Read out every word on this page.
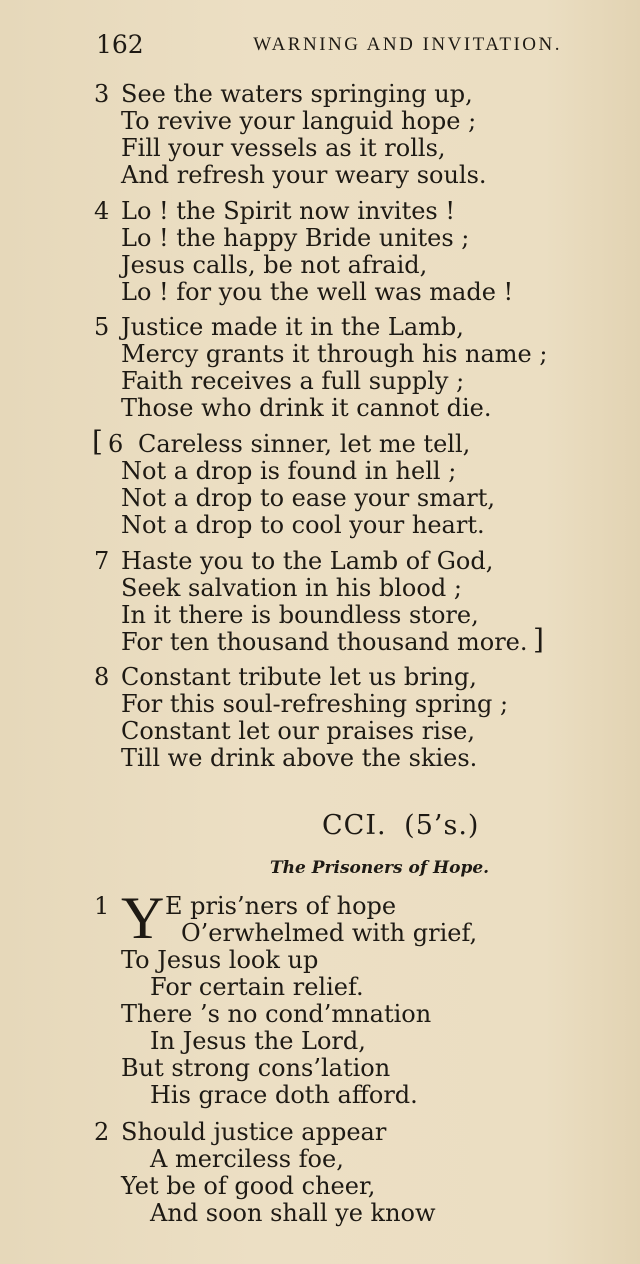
162	WARNING AND INVITATION.
3 See the waters springing up,
To revive your languid hope ;
Fill your vessels as it rolls,
And refresh your weary souls.
4 Lo ! the Spirit now invites !
Lo ! the happy Bride unites ;
Jesus calls, be not afraid,
Lo ! for you the well was made !
5 Justice made it in the Lamb,
Mercy grants it through his name ;
Faith receives a full supply ;
Those who drink it cannot die.
[ 6 Careless sinner, let me tell,
Not a drop is found in hell ;
Not a drop to ease your smart,
Not a drop to cool your heart.
7 Haste you to the Lamb of God,
Seek salvation in his blood ;
In it there is boundless store,
For ten thousand thousand more. ]
8 Constant tribute let us bring,
For this soul-refreshing spring ;
Constant let our praises rise,
Till we drink above the skies.
CCI. (5’s.)
The Prisoners of Hope.
1 Y E pris’ners of hope
O’erwhelmed with grief,
To Jesus look up
For certain relief.
There ’s no cond’mnation
In Jesus the Lord,
But strong cons’lation
His grace doth afford.
2 Should justice appear
A merciless foe,
Yet be of good cheer,
And soon shall ye know
